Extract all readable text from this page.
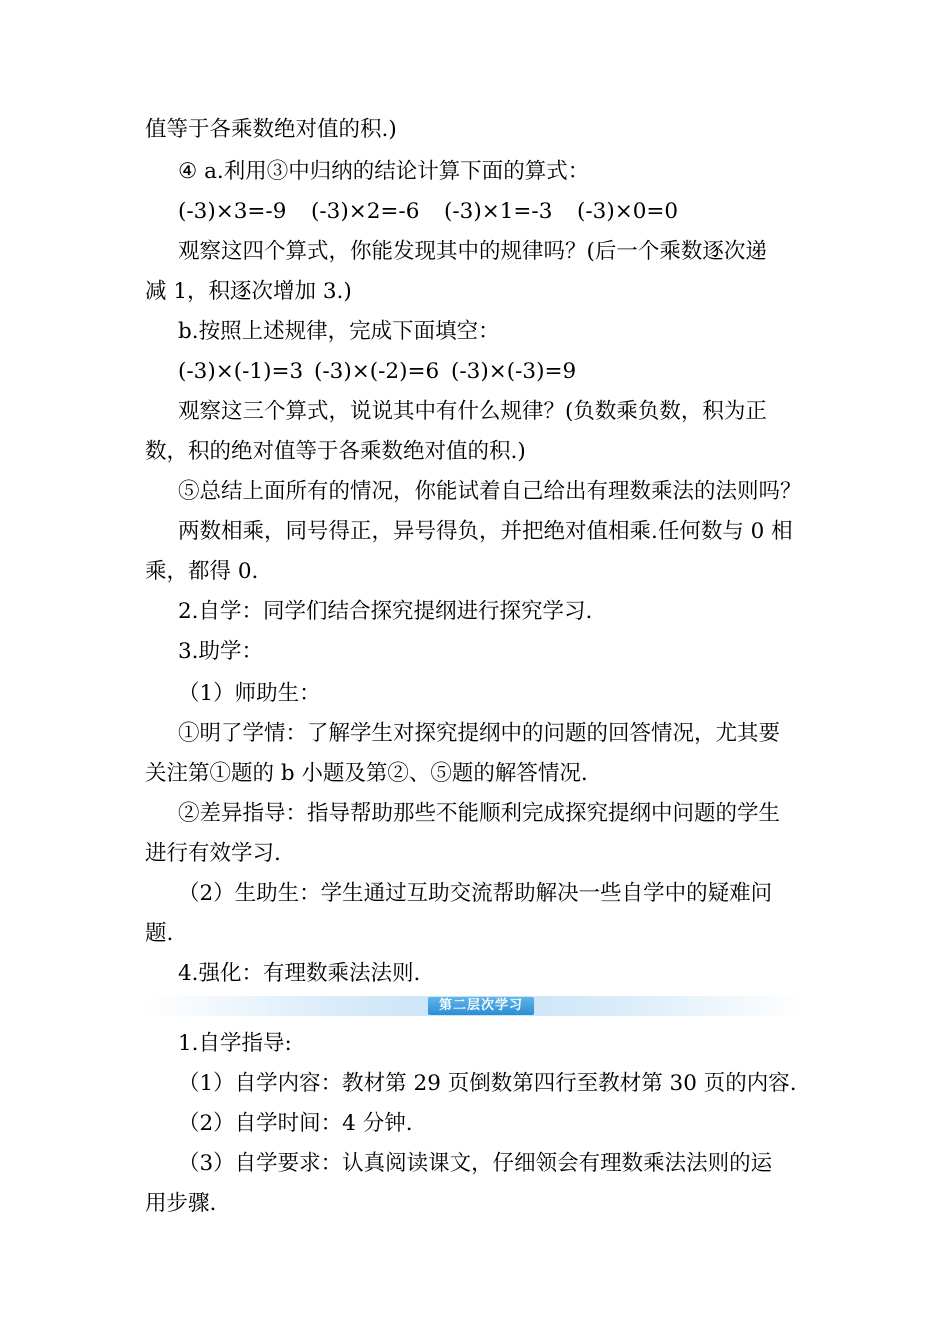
值等于各乘数绝对值的积.)

④ a.利用③中归纳的结论计算下面的算式：

(-3)×3=-9 (-3)×2=-6 (-3)×1=-3 (-3)×0=0

观察这四个算式，你能发现其中的规律吗？(后一个乘数逐次递

减 1，积逐次增加 3.)

b.按照上述规律，完成下面填空：

(-3)×(-1)=3 (-3)×(-2)=6 (-3)×(-3)=9

观察这三个算式，说说其中有什么规律？(负数乘负数，积为正

数，积的绝对值等于各乘数绝对值的积.)

⑤总结上面所有的情况，你能试着自己给出有理数乘法的法则吗？

两数相乘，同号得正，异号得负，并把绝对值相乘.任何数与 0 相

乘，都得 0.

2.自学：同学们结合探究提纲进行探究学习.

3.助学：

（1）师助生：

①明了学情：了解学生对探究提纲中的问题的回答情况，尤其要

关注第①题的 b 小题及第②、⑤题的解答情况.

②差异指导：指导帮助那些不能顺利完成探究提纲中问题的学生

进行有效学习.

（2）生助生：学生通过互助交流帮助解决一些自学中的疑难问

题.

4.强化：有理数乘法法则.

第二层次学习

1.自学指导:

（1）自学内容：教材第 29 页倒数第四行至教材第 30 页的内容.

（2）自学时间：4 分钟.

（3）自学要求：认真阅读课文，仔细领会有理数乘法法则的运

用步骤.
